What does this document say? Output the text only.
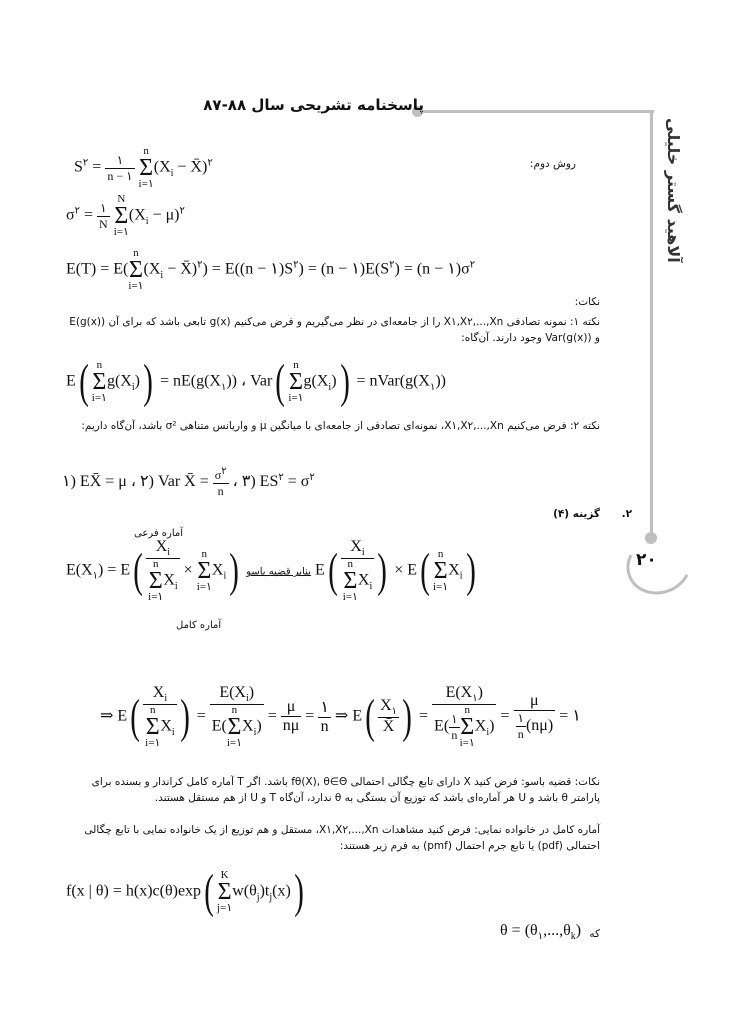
پاسخنامه تشریحی سال ۸۸-۸۷
آلاهید گستر خلیلی
۲۰
روش دوم:
$S^٢ = \frac{١}{n - ١}$
n
Σ
$i=١(X_i$ − X̄)$^٢$
$\sigma^٢ = \frac{١}{N}$
N
Σ
$i=١(X_i - \mu)^٢$
E(T) = E(n
Σ
$i=١(X_i$ − X̄)$^٢$) = $E((n - ١)S^٢) = (n$ − $١)E(S^٢) = (n$ − $١)\sigma^٢$
نکات:
نکته ۱: نمونه تصادفی X۱,X۲,...,Xn را از جامعه‌ای در نظر می‌گیریم و فرض می‌کنیم g(x) تابعی باشد که برای آن E(g(x)) و Var(g(x)) وجود دارند. آن‌گاه:
E( n
Σ
$i=١g(X_i)) = nE(g(X_١))$ ، Var( n
Σ
$i=١g(X_i)$) = $nVar(g(X_١))$
نکته ۲: فرض می‌کنیم X۱,X۲,...,Xn، نمونه‌ای تصادفی از جامعه‌ای با میانگین μ و واریانس متناهی σ² باشد، آن‌گاه داریم:
١) EX̄ = μ ، ٢) Var X̄ = $\frac{\sigma^٢}{n}$ ، ٣) $ES^٢ = \sigma^٢$
۲.
گزینه (۴)
آماره فرعی
$E(X_١) = E$( $X_i$
n
Σ
$i=١X_i \times n$
Σ
$i=١X_i$) بنابر قضیه باسو E( $X_i$
n
Σ
$i=١X_i$ ) × E( n
Σ
$i=١X_i$)
آماره کامل
⇒ E( $X_i$
n
Σ
$i=١X_i$ ) = $E(X_i)$
E(n
Σ
$i=١X_i) = \frac{\mu}{n\mu} = \frac{١}{n}$ ⇒ $E( \frac{X_١}{X̄}$ ) = $E(X_١)$
$E( \frac{١}{n}$
n
Σ
$i=١X_i) = \frac{\mu}{\frac{١}{n} (n\mu)}$ = ١
نکات: قضیه باسو: فرض کنید X دارای تابع چگالی احتمالی fθ(X), θ∈Θ باشد. اگر T آماره کامل کراندار و بسنده برای پارامتر θ باشد و U هر آماره‌ای باشد که توزیع آن بستگی به θ ندارد، آن‌گاه T و U از هم مستقل هستند.
آماره کامل در خانواده نمایی: فرض کنید مشاهدات X۱,X۲,...,Xn، مستقل و هم توزیع از یک خانواده نمایی با تابع چگالی احتمالی (pdf) یا تابع جرم احتمال (pmf) به فرم زیر هستند:
f(x | θ) = h(x)c(θ)exp( K
Σ
$j=١w(\theta_j)t_j(x)$)
که
$\theta = (\theta_١,...,\theta_k)$
